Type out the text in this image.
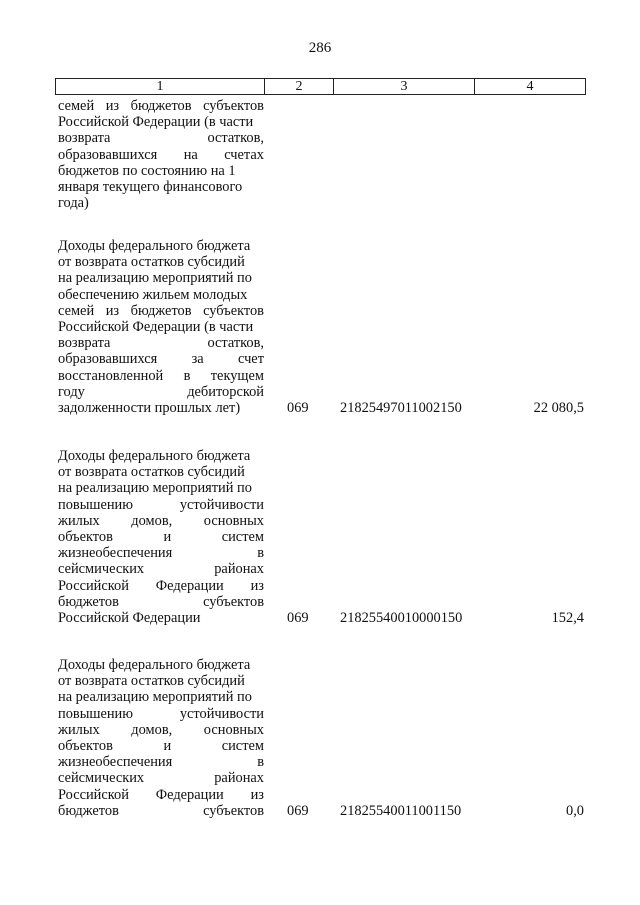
286
1	2	3	4
семей из бюджетов субъектов
Российской Федерации (в части
возврата	остатков,
образовавшихся на счетах
бюджетов по состоянию на 1
января текущего финансового
года)
Доходы федерального бюджета
от возврата остатков субсидий
на реализацию мероприятий по
обеспечению жильем молодых
семей из бюджетов субъектов
Российской Федерации (в части
возврата	остатков,
образовавшихся за счет
восстановленной в текущем
году	дебиторской
задолженности прошлых лет)	069 21825497011002150	22 080,5
Доходы федерального бюджета
от возврата остатков субсидий
на реализацию мероприятий по
повышению	устойчивости
жилых домов, основных
объектов	и	систем
жизнеобеспечения	в
сейсмических	районах
Российской Федерации из
бюджетов	субъектов
Российской Федерации	069 21825540010000150	152,4
Доходы федерального бюджета
от возврата остатков субсидий
на реализацию мероприятий по
повышению	устойчивости
жилых домов, основных
объектов	и	систем
жизнеобеспечения	в
сейсмических	районах
Российской Федерации из
бюджетов	субъектов 069 21825540011001150	0,0
